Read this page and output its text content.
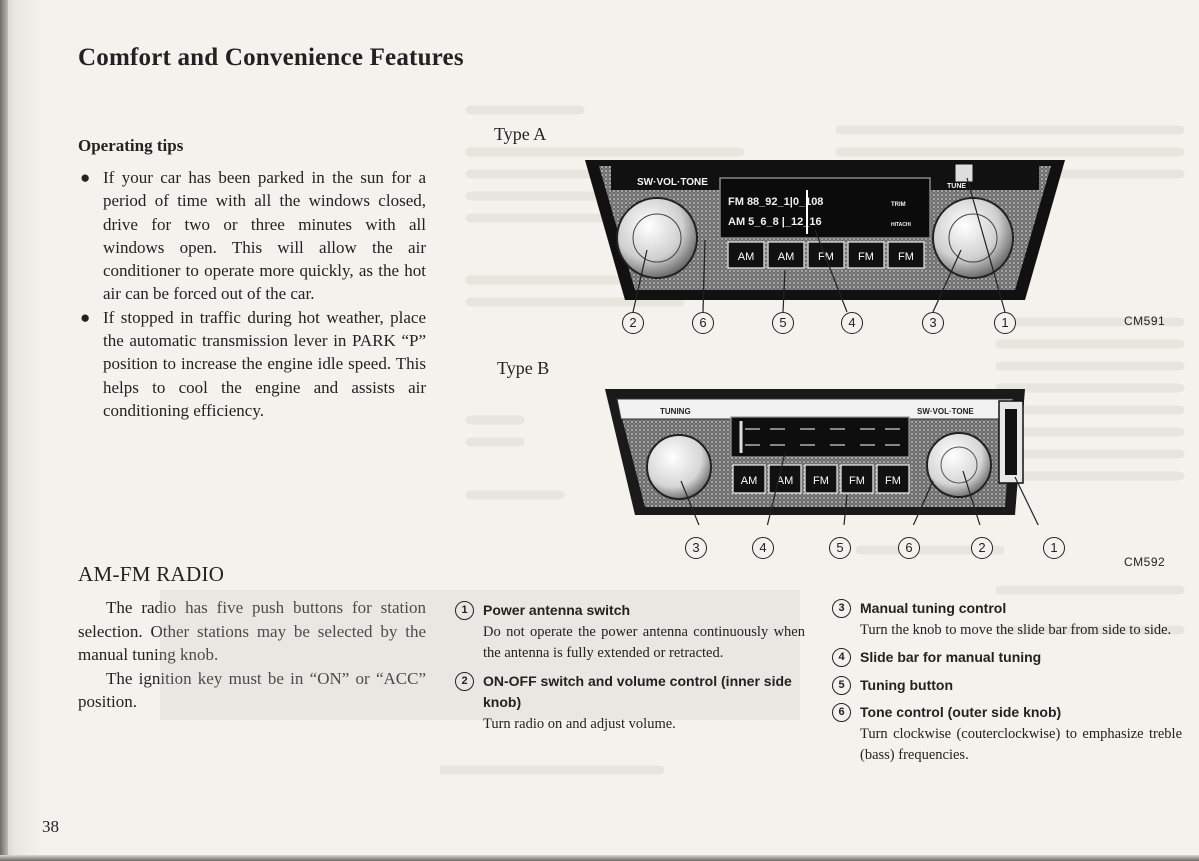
Comfort and Convenience Features
Operating tips
● If your car has been parked in the sun for a period of time with all the windows closed, drive for two or three minutes with all windows open. This will allow the air conditioner to operate more quickly, as the hot air can be forced out of the car.
● If stopped in traffic during hot weather, place the automatic transmission lever in PARK “P” position to increase the engine idle speed. This helps to cool the engine and assists air conditioning efficiency.
AM-FM RADIO

The radio has five push buttons for station selection. Other stations may be selected by the manual tuning knob.

The ignition key must be in “ON” or “ACC” position.

38
Type A
FM 88_92_1|0_108
AM 5_6_8 |_12_16
TRIM
HITACHI
SW·VOL·TONE	TUNE
AM AM FM FM FM
2	6	5	4	3	1	CM591
Type B
TUNING	SW·VOL·TONE
AM AM FM FM FM
3	4	5	6	2	1
CM592
1	Power antenna switch
Do not operate the power antenna continuously when the antenna is fully extended or retracted.
2	ON-OFF switch and volume control (inner side knob)
Turn radio on and adjust volume.
3	Manual tuning control
Turn the knob to move the slide bar from side to side.
4	Slide bar for manual tuning
5	Tuning button
6	Tone control (outer side knob)
Turn clockwise (couterclockwise) to emphasize treble (bass) frequencies.
